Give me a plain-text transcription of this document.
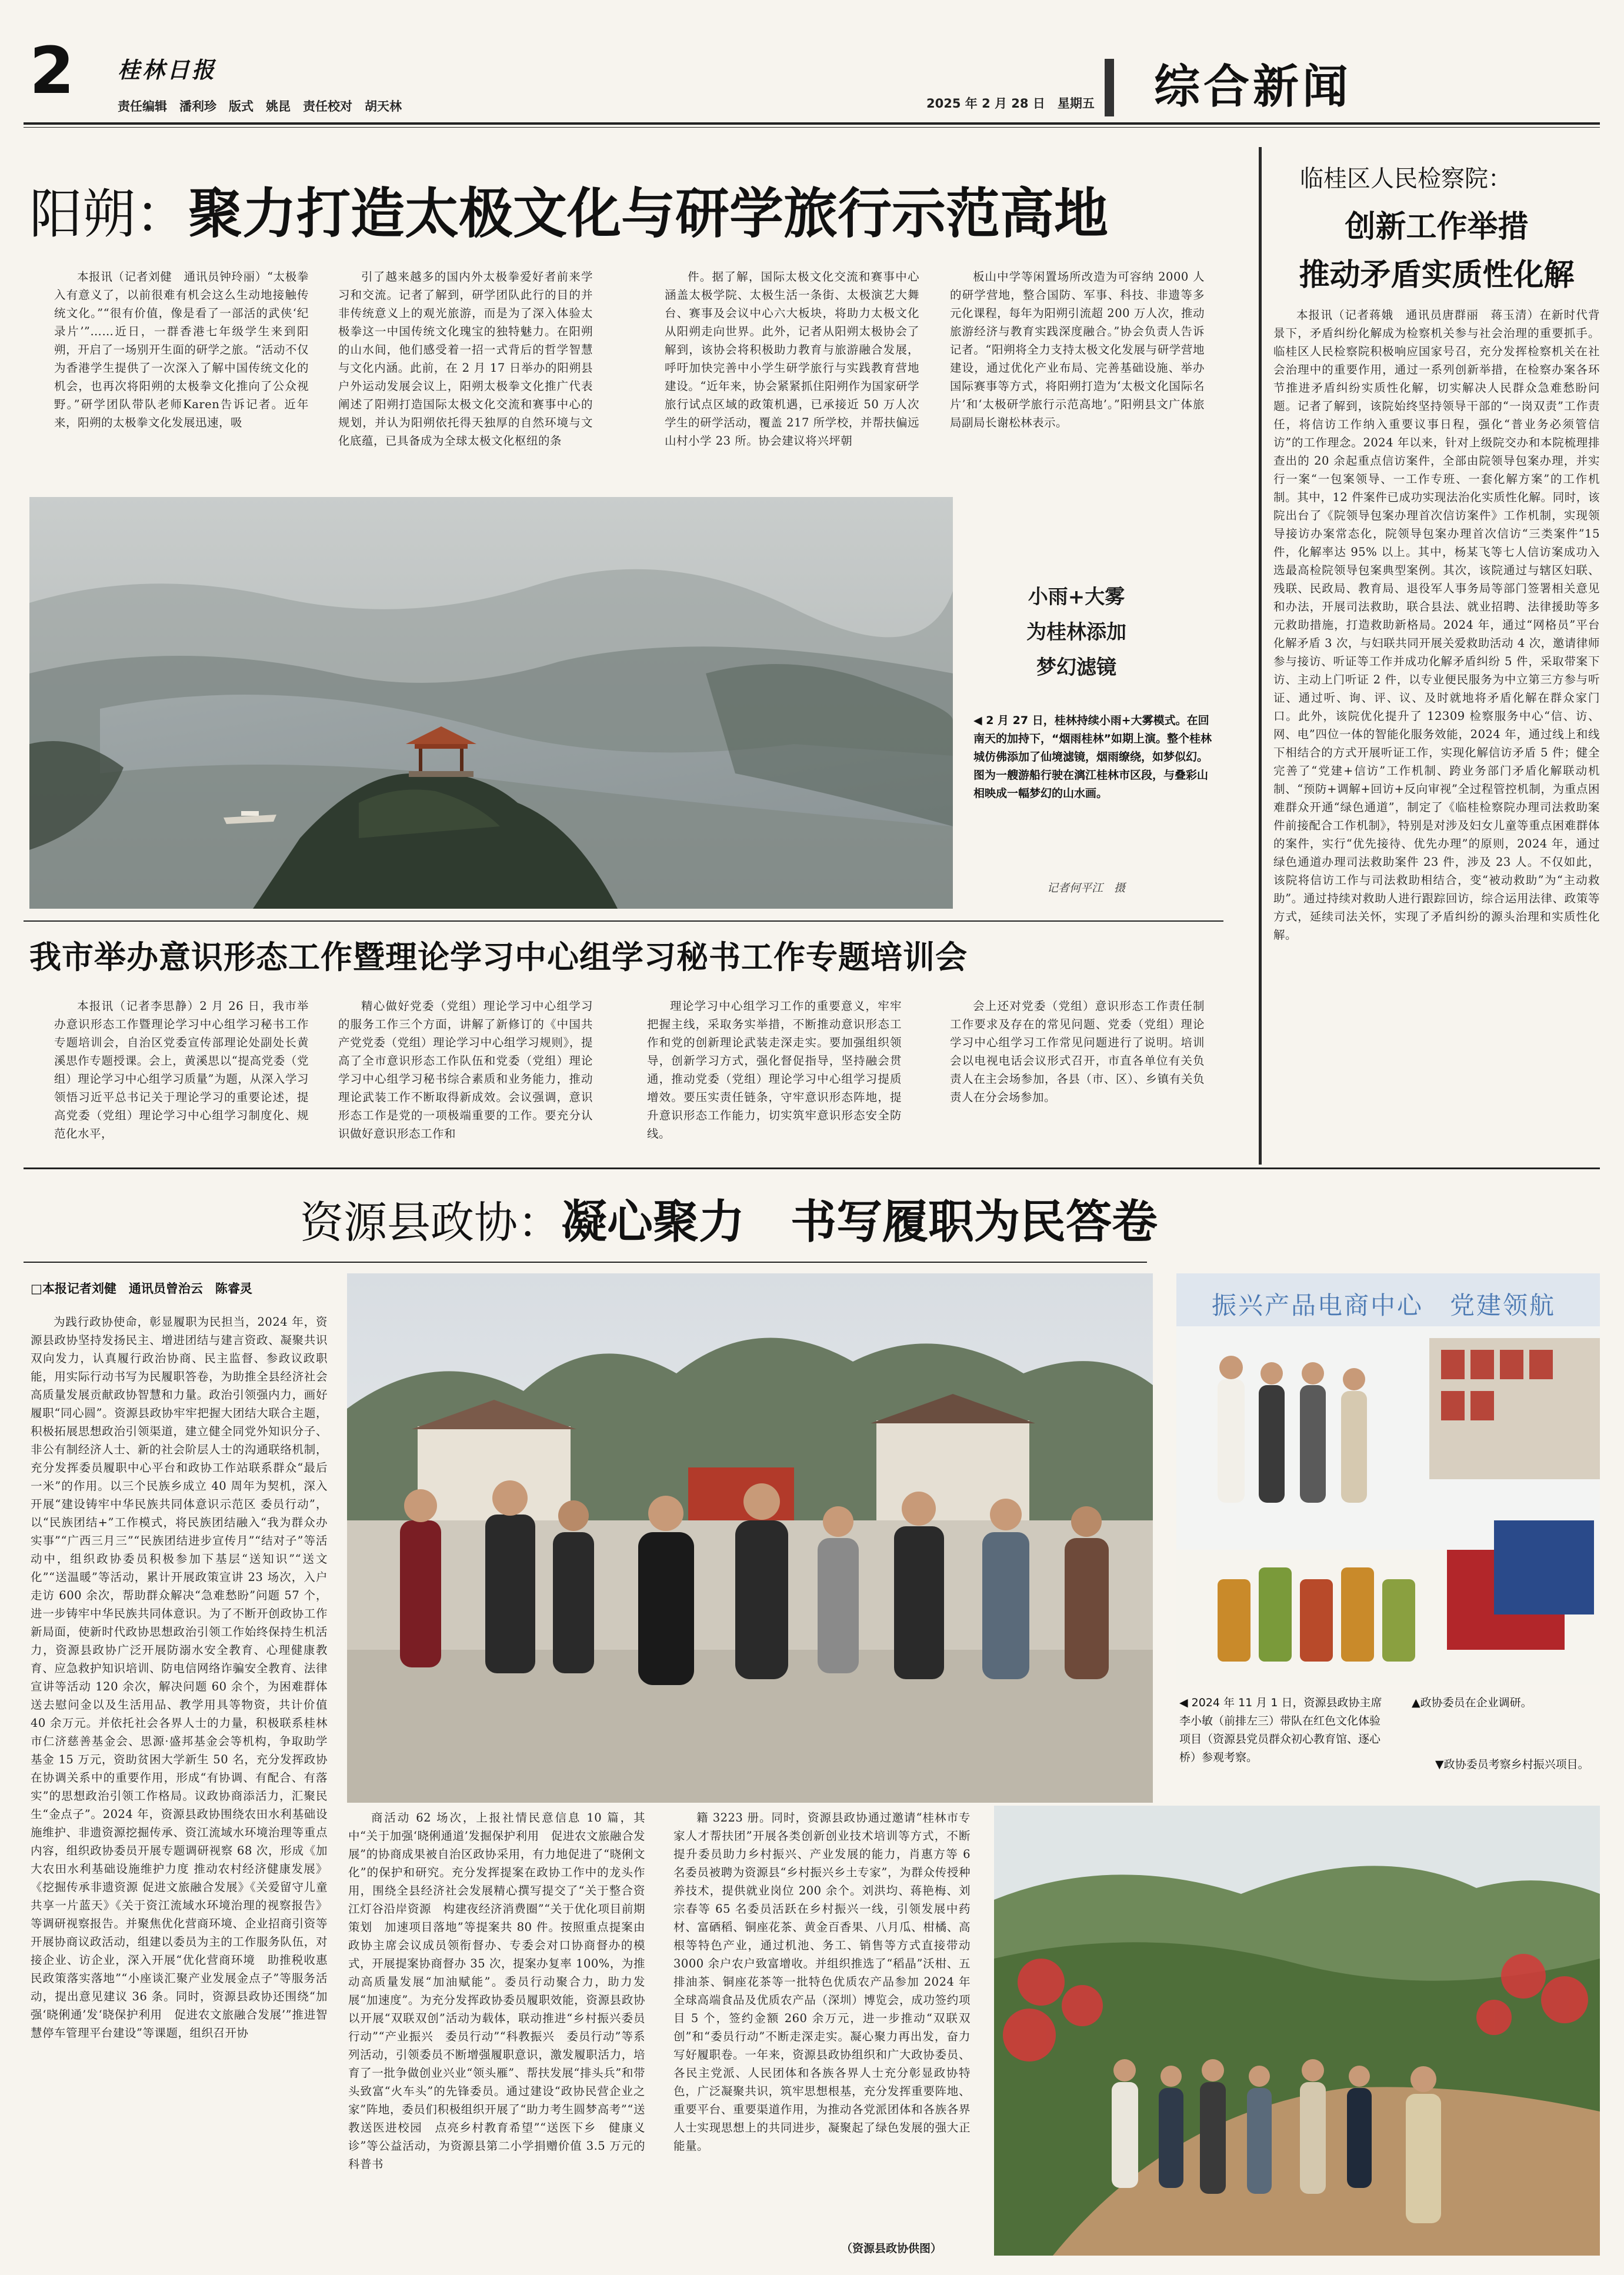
2 桂林日报
责任编辑　潘利珍　版式　姚昆　责任校对　胡天林	2025 年 2 月 28 日　星期五 综合新闻
阳朔：聚力打造太极文化与研学旅行示范高地

本报讯（记者刘健　通讯员钟玲丽）“太极拳入有意义了，以前很难有机会这么生动地接触传统文化。”“很有价值，像是看了一部活的武侠‘纪录片’”……近日，一群香港七年级学生来到阳朔，开启了一场别开生面的研学之旅。“活动不仅为香港学生提供了一次深入了解中国传统文化的机会，也再次将阳朔的太极拳文化推向了公众视野。”研学团队带队老师Karen告诉记者。近年来，阳朔的太极拳文化发展迅速，吸

引了越来越多的国内外太极拳爱好者前来学习和交流。记者了解到，研学团队此行的目的并非传统意义上的观光旅游，而是为了深入体验太极拳这一中国传统文化瑰宝的独特魅力。在阳朔的山水间，他们感受着一招一式背后的哲学智慧与文化内涵。此前，在 2 月 17 日举办的阳朔县户外运动发展会议上，阳朔太极拳文化推广代表阐述了阳朔打造国际太极文化交流和赛事中心的规划，并认为阳朔依托得天独厚的自然环境与文化底蕴，已具备成为全球太极文化枢纽的条

件。据了解，国际太极文化交流和赛事中心涵盖太极学院、太极生活一条街、太极演艺大舞台、赛事及会议中心六大板块，将助力太极文化从阳朔走向世界。此外，记者从阳朔太极协会了解到，该协会将积极助力教育与旅游融合发展，呼吁加快完善中小学生研学旅行与实践教育营地建设。“近年来，协会紧紧抓住阳朔作为国家研学旅行试点区域的政策机遇，已承接近 50 万人次学生的研学活动，覆盖 217 所学校，并帮扶偏远山村小学 23 所。协会建议将兴坪朝

板山中学等闲置场所改造为可容纳 2000 人的研学营地，整合国防、军事、科技、非遗等多元化课程，每年为阳朔引流超 200 万人次，推动旅游经济与教育实践深度融合。”协会负责人告诉记者。“阳朔将全力支持太极文化发展与研学营地建设，通过优化产业布局、完善基础设施、举办国际赛事等方式，将阳朔打造为‘太极文化国际名片’和‘太极研学旅行示范高地’。”阳朔县文广体旅局副局长谢松林表示。

小雨+大雾
为桂林添加
梦幻滤镜
◀ 2 月 27 日，桂林持续小雨+大雾模式。在回南天的加持下，“烟雨桂林”如期上演。整个桂林城仿佛添加了仙境滤镜，烟雨缭绕，如梦似幻。图为一艘游船行驶在漓江桂林市区段，与叠彩山相映成一幅梦幻的山水画。
记者何平江　摄
我市举办意识形态工作暨理论学习中心组学习秘书工作专题培训会

本报讯（记者李思静）2 月 26 日，我市举办意识形态工作暨理论学习中心组学习秘书工作专题培训会，自治区党委宣传部理论处副处长黄溪思作专题授课。会上，黄溪思以“提高党委（党组）理论学习中心组学习质量”为题，从深入学习领悟习近平总书记关于理论学习的重要论述，提高党委（党组）理论学习中心组学习制度化、规范化水平，

精心做好党委（党组）理论学习中心组学习的服务工作三个方面，讲解了新修订的《中国共产党党委（党组）理论学习中心组学习规则》，提高了全市意识形态工作队伍和党委（党组）理论学习中心组学习秘书综合素质和业务能力，推动理论武装工作不断取得新成效。会议强调，意识形态工作是党的一项极端重要的工作。要充分认识做好意识形态工作和

理论学习中心组学习工作的重要意义，牢牢把握主线，采取务实举措，不断推动意识形态工作和党的创新理论武装走深走实。要加强组织领导，创新学习方式，强化督促指导，坚持融会贯通，推动党委（党组）理论学习中心组学习提质增效。要压实责任链条，守牢意识形态阵地，提升意识形态工作能力，切实筑牢意识形态安全防线。

会上还对党委（党组）意识形态工作责任制工作要求及存在的常见问题、党委（党组）理论学习中心组学习工作常见问题进行了说明。培训会以电视电话会议形式召开，市直各单位有关负责人在主会场参加，各县（市、区）、乡镇有关负责人在分会场参加。

临桂区人民检察院：
创新工作举措
推动矛盾实质性化解

本报讯（记者蒋娥　通讯员唐群丽　蒋玉清）在新时代背景下，矛盾纠纷化解成为检察机关参与社会治理的重要抓手。临桂区人民检察院积极响应国家号召，充分发挥检察机关在社会治理中的重要作用，通过一系列创新举措，在检察办案各环节推进矛盾纠纷实质性化解，切实解决人民群众急难愁盼问题。记者了解到，该院始终坚持领导干部的“一岗双责”工作责任，将信访工作纳入重要议事日程，强化“普业务必须管信访”的工作理念。2024 年以来，针对上级院交办和本院梳理排查出的 20 余起重点信访案件，全部由院领导包案办理，并实行一案“一包案领导、一工作专班、一套化解方案”的工作机制。其中，12 件案件已成功实现法治化实质性化解。同时，该院出台了《院领导包案办理首次信访案件》工作机制，实现领导接访办案常态化，院领导包案办理首次信访“三类案件”15 件，化解率达 95% 以上。其中，杨某飞等七人信访案成功入选最高检院领导包案典型案例。其次，该院通过与辖区妇联、残联、民政局、教育局、退役军人事务局等部门签署相关意见和办法，开展司法救助，联合县法、就业招聘、法律援助等多元救助措施，打造救助新格局。2024 年，通过“网格员”平台化解矛盾 3 次，与妇联共同开展关爱救助活动 4 次，邀请律师参与接访、听证等工作并成功化解矛盾纠纷 5 件，采取带案下访、主动上门听证 2 件，以专业便民服务为中立第三方参与听证、通过听、询、评、议、及时就地将矛盾化解在群众家门口。此外，该院优化提升了 12309 检察服务中心“信、访、网、电”四位一体的智能化服务效能，2024 年，通过线上和线下相结合的方式开展听证工作，实现化解信访矛盾 5 件；健全完善了“党建+信访”工作机制、跨业务部门矛盾化解联动机制、“预防+调解+回访+反向审视”全过程管控机制，为重点困难群众开通“绿色通道”，制定了《临桂检察院办理司法救助案件前接配合工作机制》，特别是对涉及妇女儿童等重点困难群体的案件，实行“优先接待、优先办理”的原则，2024 年，通过绿色通道办理司法救助案件 23 件，涉及 23 人。不仅如此，该院将信访工作与司法救助相结合，变“被动救助”为“主动救助”。通过持续对救助人进行跟踪回访，综合运用法律、政策等方式，延续司法关怀，实现了矛盾纠纷的源头治理和实质性化解。

资源县政协：凝心聚力　书写履职为民答卷
□本报记者刘健　通讯员曾治云　陈睿灵

为践行政协使命，彰显履职为民担当，2024 年，资源县政协坚持发扬民主、增进团结与建言资政、凝聚共识双向发力，认真履行政治协商、民主监督、参政议政职能，用实际行动书写为民履职答卷，为助推全县经济社会高质量发展贡献政协智慧和力量。政治引领强内力，画好履职“同心圆”。资源县政协牢牢把握大团结大联合主题，积极拓展思想政治引领渠道，建立健全同党外知识分子、非公有制经济人士、新的社会阶层人士的沟通联络机制，充分发挥委员履职中心平台和政协工作站联系群众“最后一米”的作用。以三个民族乡成立 40 周年为契机，深入开展“建设铸牢中华民族共同体意识示范区 委员行动”，以“民族团结+”工作模式，将民族团结融入“我为群众办实事”“广西三月三”“民族团结进步宣传月”“结对子”等活动中，组织政协委员积极参加下基层“送知识”“送文化”“送温暖”等活动，累计开展政策宣讲 23 场次，入户走访 600 余次，帮助群众解决“急难愁盼”问题 57 个，进一步铸牢中华民族共同体意识。为了不断开创政协工作新局面，使新时代政协思想政治引领工作始终保持生机活力，资源县政协广泛开展防溺水安全教育、心理健康教育、应急救护知识培训、防电信网络诈骗安全教育、法律宣讲等活动 120 余次，解决问题 60 余个，为困难群体送去慰问金以及生活用品、教学用具等物资，共计价值 40 余万元。并依托社会各界人士的力量，积极联系桂林市仁济慈善基金会、思源·盛邦基金会等机构，争取助学基金 15 万元，资助贫困大学新生 50 名，充分发挥政协在协调关系中的重要作用，形成“有协调、有配合、有落实”的思想政治引领工作格局。议政协商添活力，汇聚民生“金点子”。2024 年，资源县政协围绕农田水利基础设施维护、非遗资源挖掘传承、资江流域水环境治理等重点内容，组织政协委员开展专题调研视察 68 次，形成《加大农田水利基础设施维护力度 推动农村经济健康发展》《挖掘传承非遗资源 促进文旅融合发展》《关爱留守儿童　共享一片蓝天》《关于资江流域水环境治理的视察报告》等调研视察报告。并聚焦优化营商环境、企业招商引资等开展协商议政活动，组建以委员为主的工作服务队伍，对接企业、访企业，深入开展“优化营商环境　助推税收惠民政策落实落地”“小座谈汇聚产业发展金点子”等服务活动，提出意见建议 36 条。同时，资源县政协还围绕“加强‘晓俐通’发‘晓保护利用　促进农文旅融合发展’”推进智慧停车管理平台建设”等课题，组织召开协

振兴产品电商中心　党建领航
◀ 2024 年 11 月 1 日，资源县政协主席李小敏（前排左三）带队在红色文化体验项目（资源县党员群众初心教育馆、逐心桥）参观考察。
▲政协委员在企业调研。
▼政协委员考察乡村振兴项目。

商活动 62 场次，上报社情民意信息 10 篇，其中“关于加强‘晓俐通道’发掘保护利用　促进农文旅融合发展”的协商成果被自治区政协采用，有力地促进了“晓俐文化”的保护和研究。充分发挥提案在政协工作中的龙头作用，围绕全县经济社会发展精心撰写提交了“关于整合资江灯谷沿岸资源　构建夜经济消费圈”“关于优化项目前期策划　加速项目落地”等提案共 80 件。按照重点提案由政协主席会议成员领衔督办、专委会对口协商督办的模式，开展提案协商督办 35 次，提案办复率 100%，为推动高质量发展“加油赋能”。委员行动聚合力，助力发展“加速度”。为充分发挥政协委员履职效能，资源县政协以开展“双联双创”活动为载体，联动推进“乡村振兴委员行动”“产业振兴　委员行动”“科教振兴　委员行动”等系列活动，引领委员不断增强履职意识，激发履职活力，培育了一批争做创业兴业“领头雁”、帮扶发展“排头兵”和带头致富“火车头”的先锋委员。通过建设“政协民营企业之家”阵地，委员们积极组织开展了“助力考生圆梦高考”“送教送医进校园　点亮乡村教育希望”“送医下乡　健康义诊”等公益活动，为资源县第二小学捐赠价值 3.5 万元的科普书

籍 3223 册。同时，资源县政协通过邀请“桂林市专家人才帮扶团”开展各类创新创业技术培训等方式，不断提升委员助力乡村振兴、产业发展的能力，肖惠方等 6 名委员被聘为资源县“乡村振兴乡土专家”，为群众传授种养技术，提供就业岗位 200 余个。刘洪均、蒋艳梅、刘宗春等 65 名委员活跃在乡村振兴一线，引领发展中药材、富硒稻、铜座花茶、黄金百香果、八月瓜、柑橘、高根等特色产业，通过机池、务工、销售等方式直接带动 3000 余户农户致富增收。并组织推选了“稻晶”沃柑、五排油茶、铜座花茶等一批特色优质农产品参加 2024 年全球高端食品及优质农产品（深圳）博览会，成功签约项目 5 个，签约金额 260 余万元，进一步推动“双联双创”和“委员行动”不断走深走实。凝心聚力再出发，奋力写好履职卷。一年来，资源县政协组织和广大政协委员、各民主党派、人民团体和各族各界人士充分彰显政协特色，广泛凝聚共识，筑牢思想根基，充分发挥重要阵地、重要平台、重要渠道作用，为推动各党派团体和各族各界人士实现思想上的共同进步，凝聚起了绿色发展的强大正能量。

（资源县政协供图）
